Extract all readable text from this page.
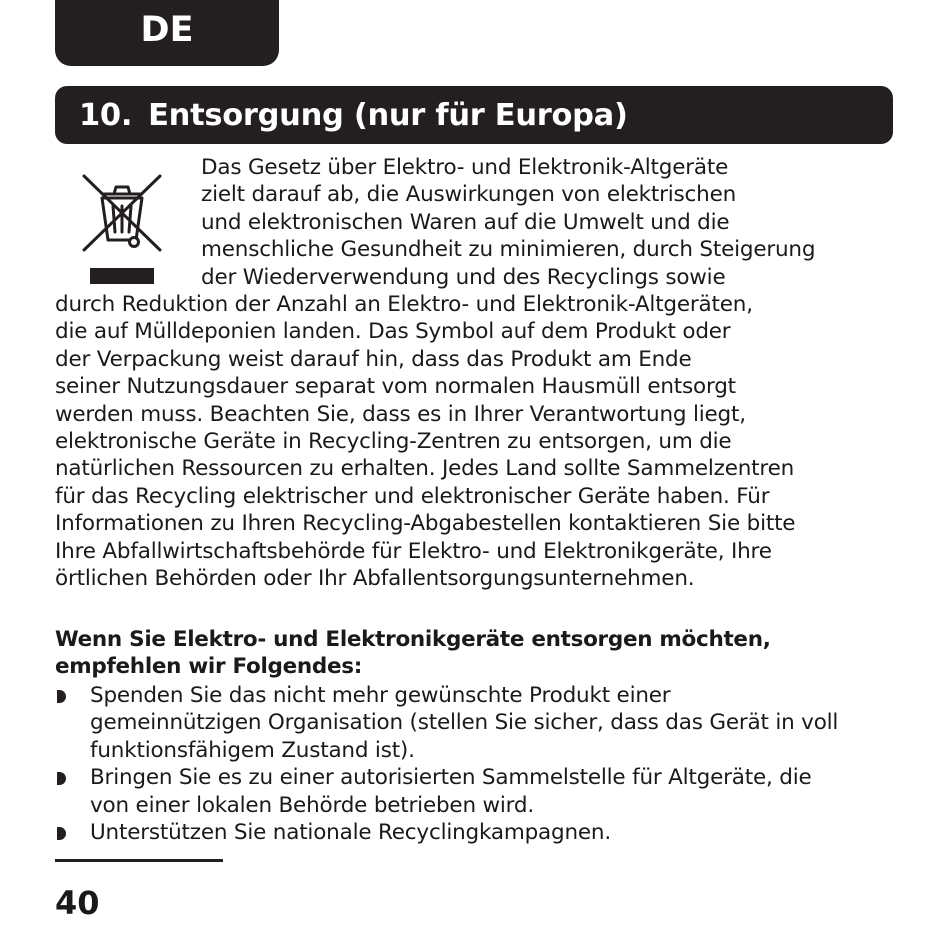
DE
10. Entsorgung (nur für Europa)
Das Gesetz über Elektro- und Elektronik-Altgeräte
zielt darauf ab, die Auswirkungen von elektrischen
und elektronischen Waren auf die Umwelt und die
menschliche Gesundheit zu minimieren, durch Steigerung
der Wiederverwendung und des Recyclings sowie
durch Reduktion der Anzahl an Elektro- und Elektronik-Altgeräten,
die auf Mülldeponien landen. Das Symbol auf dem Produkt oder
der Verpackung weist darauf hin, dass das Produkt am Ende
seiner Nutzungsdauer separat vom normalen Hausmüll entsorgt
werden muss. Beachten Sie, dass es in Ihrer Verantwortung liegt,
elektronische Geräte in Recycling-Zentren zu entsorgen, um die
natürlichen Ressourcen zu erhalten. Jedes Land sollte Sammelzentren
für das Recycling elektrischer und elektronischer Geräte haben. Für
Informationen zu Ihren Recycling-Abgabestellen kontaktieren Sie bitte
Ihre Abfallwirtschaftsbehörde für Elektro- und Elektronikgeräte, Ihre
örtlichen Behörden oder Ihr Abfallentsorgungsunternehmen.
Wenn Sie Elektro- und Elektronikgeräte entsorgen möchten,
empfehlen wir Folgendes:
Spenden Sie das nicht mehr gewünschte Produkt einer
gemeinnützigen Organisation (stellen Sie sicher, dass das Gerät in voll
funktionsfähigem Zustand ist).
Bringen Sie es zu einer autorisierten Sammelstelle für Altgeräte, die
von einer lokalen Behörde betrieben wird.
Unterstützen Sie nationale Recyclingkampagnen.
40
